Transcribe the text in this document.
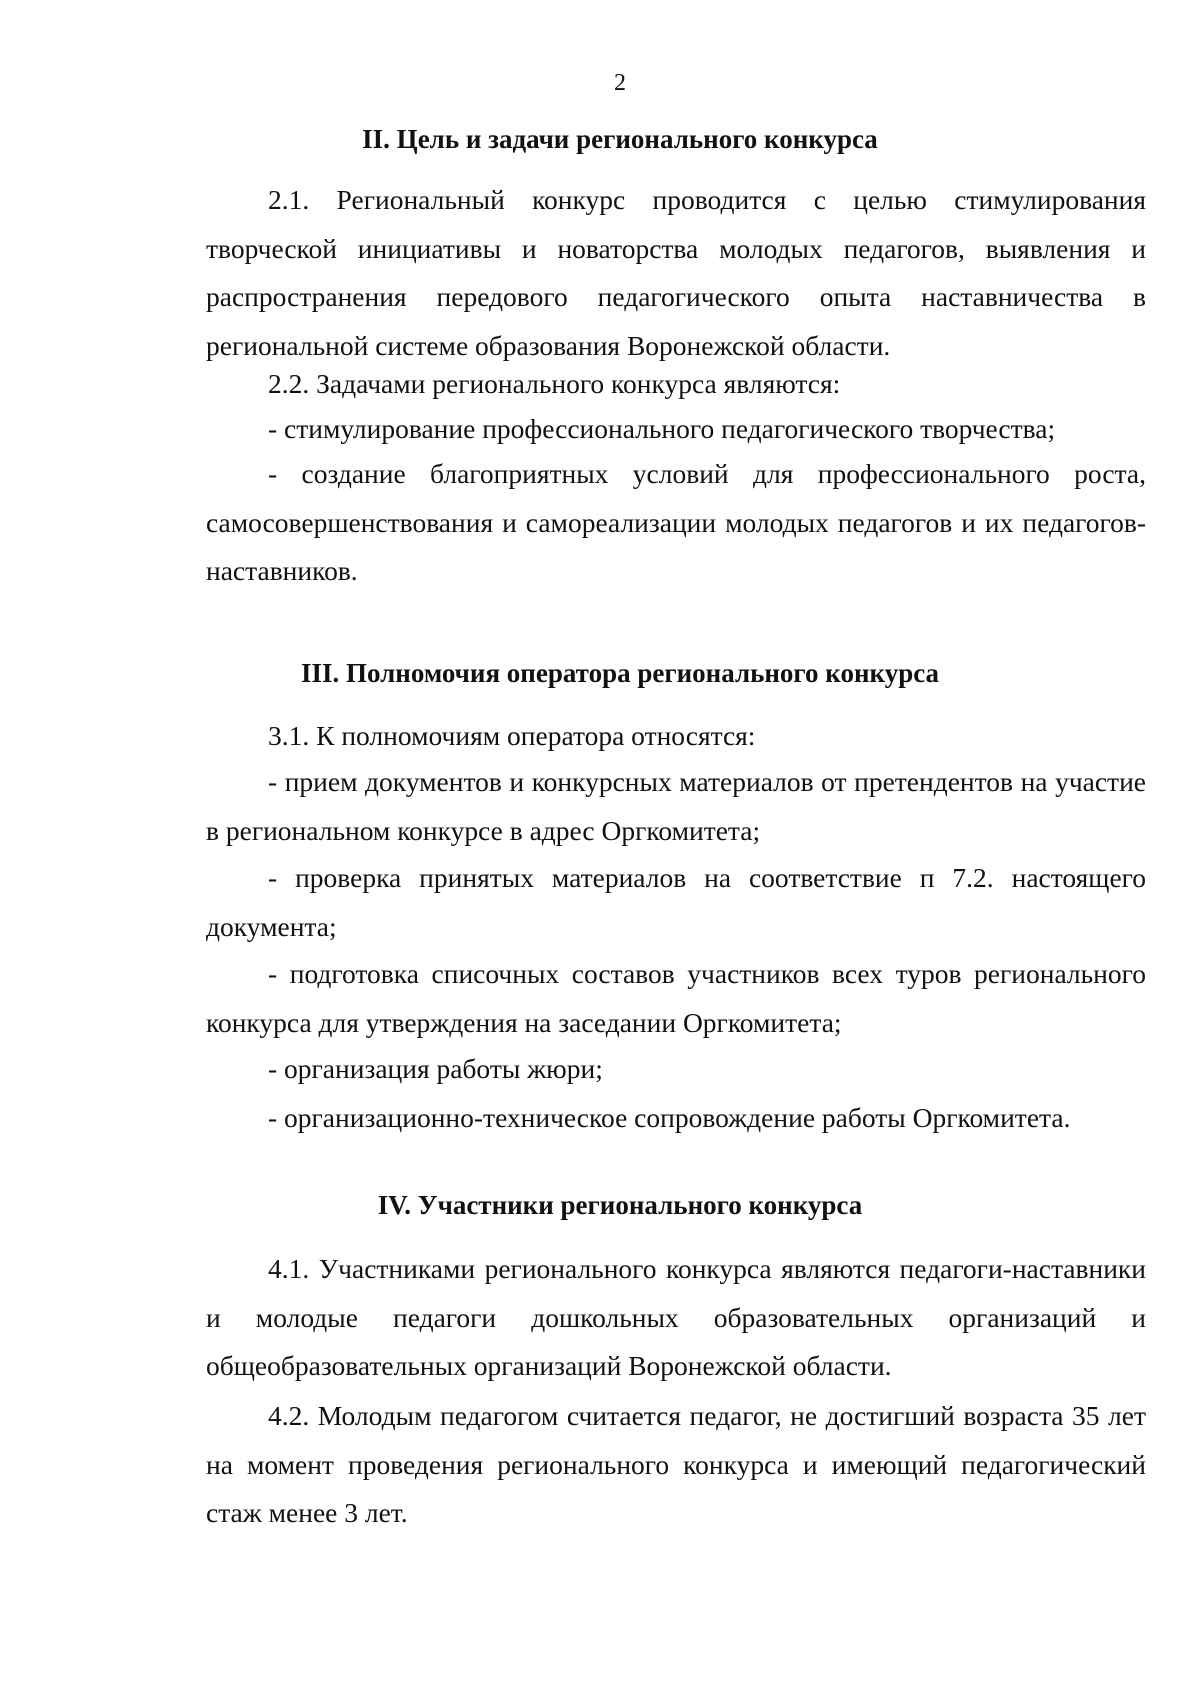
2
II. Цель и задачи регионального конкурса
2.1. Региональный конкурс проводится с целью стимулирования творческой инициативы и новаторства молодых педагогов, выявления и распространения передового педагогического опыта наставничества в региональной системе образования Воронежской области.
2.2. Задачами регионального конкурса являются:
- стимулирование профессионального педагогического творчества;
- создание благоприятных условий для профессионального роста, самосовершенствования и самореализации молодых педагогов и их педагогов-наставников.
III. Полномочия оператора регионального конкурса
3.1. К полномочиям оператора относятся:
- прием документов и конкурсных материалов от претендентов на участие в региональном конкурсе в адрес Оргкомитета;
- проверка принятых материалов на соответствие п 7.2. настоящего документа;
- подготовка списочных составов участников всех туров регионального конкурса для утверждения на заседании Оргкомитета;
- организация работы жюри;
- организационно-техническое сопровождение работы Оргкомитета.
IV. Участники регионального конкурса
4.1. Участниками регионального конкурса являются педагоги-наставники и молодые педагоги дошкольных образовательных организаций и общеобразовательных организаций Воронежской области.
4.2. Молодым педагогом считается педагог, не достигший возраста 35 лет на момент проведения регионального конкурса и имеющий педагогический стаж менее 3 лет.
